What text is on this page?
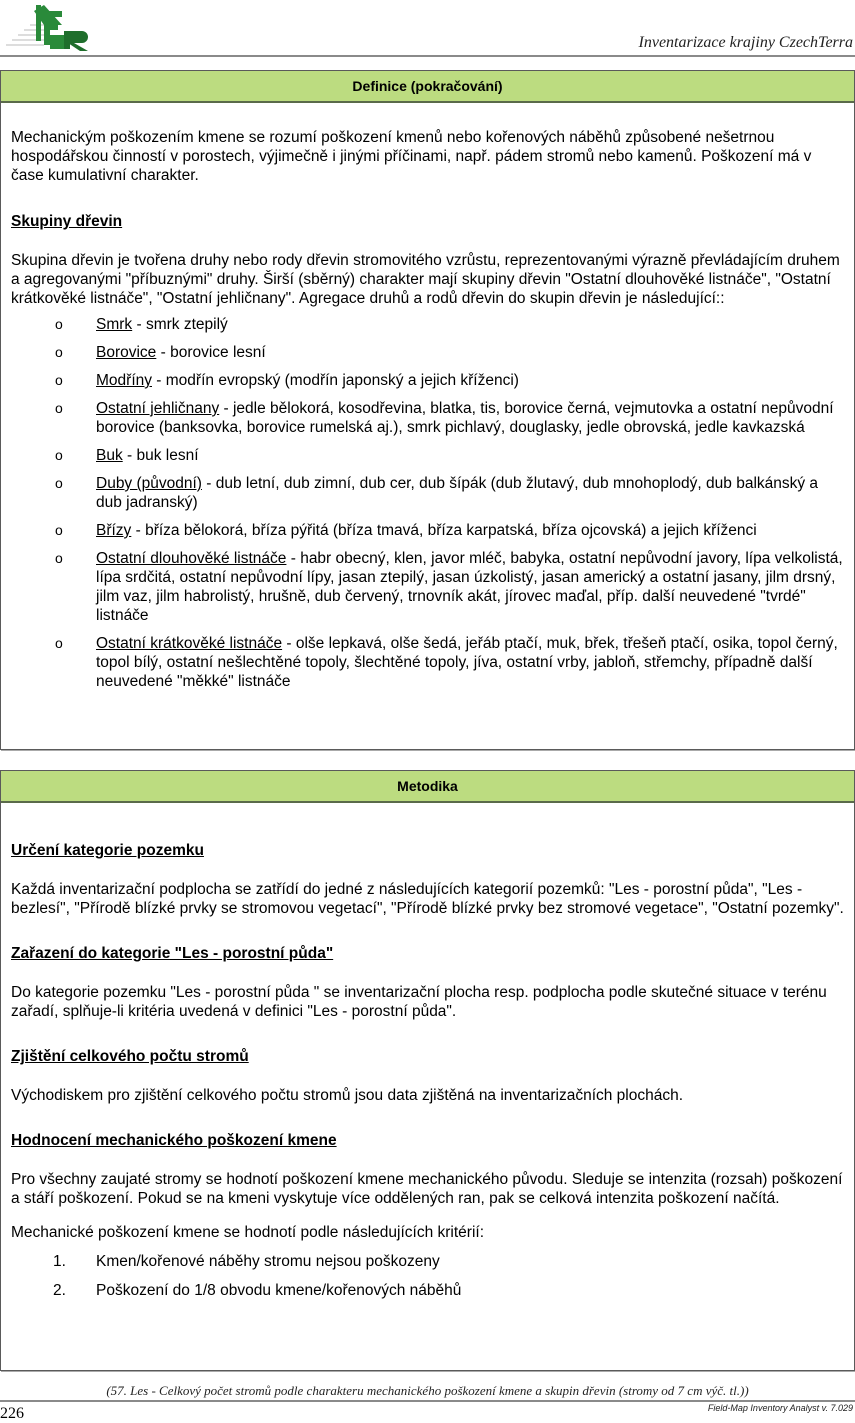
Inventarizace krajiny CzechTerra
Definice (pokračování)

Mechanickým poškozením kmene se rozumí poškození kmenů nebo kořenových náběhů způsobené nešetrnou hospodářskou činností v porostech, výjimečně i jinými příčinami, např. pádem stromů nebo kamenů. Poškození má v čase kumulativní charakter.

Skupiny dřevin

Skupina dřevin je tvořena druhy nebo rody dřevin stromovitého vzrůstu, reprezentovanými výrazně převládajícím druhem a agregovanými "příbuznými" druhy. Širší (sběrný) charakter mají skupiny dřevin "Ostatní dlouhověké listnáče", "Ostatní krátkověké listnáče", "Ostatní jehličnany". Agregace druhů a rodů dřevin do skupin dřevin je následující::

o Smrk - smrk ztepilý
o Borovice - borovice lesní
o Modříny - modřín evropský (modřín japonský a jejich kříženci)
o Ostatní jehličnany - jedle bělokorá, kosodřevina, blatka, tis, borovice černá, vejmutovka a ostatní nepůvodní borovice (banksovka, borovice rumelská aj.), smrk pichlavý, douglasky, jedle obrovská, jedle kavkazská
o Buk - buk lesní
o Duby (původní) - dub letní, dub zimní, dub cer, dub šípák (dub žlutavý, dub mnohoplodý, dub balkánský a dub jadranský)
o Břízy - bříza bělokorá, bříza pýřitá (bříza tmavá, bříza karpatská, bříza ojcovská) a jejich kříženci
o Ostatní dlouhověké listnáče - habr obecný, klen, javor mléč, babyka, ostatní nepůvodní javory, lípa velkolistá, lípa srdčitá, ostatní nepůvodní lípy, jasan ztepilý, jasan úzkolistý, jasan americký a ostatní jasany, jilm drsný, jilm vaz, jilm habrolistý, hrušně, dub červený, trnovník akát, jírovec maďal, příp. další neuvedené "tvrdé" listnáče
o Ostatní krátkověké listnáče - olše lepkavá, olše šedá, jeřáb ptačí, muk, břek, třešeň ptačí, osika, topol černý, topol bílý, ostatní nešlechtěné topoly, šlechtěné topoly, jíva, ostatní vrby, jabloň, střemchy, případně další neuvedené "měkké" listnáče
Metodika

Určení kategorie pozemku

Každá inventarizační podplocha se zatřídí do jedné z následujících kategorií pozemků: "Les - porostní půda", "Les - bezlesí", "Přírodě blízké prvky se stromovou vegetací", "Přírodě blízké prvky bez stromové vegetace", "Ostatní pozemky".

Zařazení do kategorie "Les - porostní půda"

Do kategorie pozemku "Les - porostní půda " se inventarizační plocha resp. podplocha podle skutečné situace v terénu zařadí, splňuje-li kritéria uvedená v definici "Les - porostní půda".

Zjištění celkového počtu stromů

Východiskem pro zjištění celkového počtu stromů jsou data zjištěná na inventarizačních plochách.

Hodnocení mechanického poškození kmene

Pro všechny zaujaté stromy se hodnotí poškození kmene mechanického původu. Sleduje se intenzita (rozsah) poškození a stáří poškození. Pokud se na kmeni vyskytuje více oddělených ran, pak se celková intenzita poškození načítá.

Mechanické poškození kmene se hodnotí podle následujících kritérií:

1. Kmen/kořenové náběhy stromu nejsou poškozeny
2. Poškození do 1/8 obvodu kmene/kořenových náběhů
(57. Les - Celkový počet stromů podle charakteru mechanického poškození kmene a skupin dřevin (stromy od 7 cm výč. tl.))
226	Field-Map Inventory Analyst v. 7.029
